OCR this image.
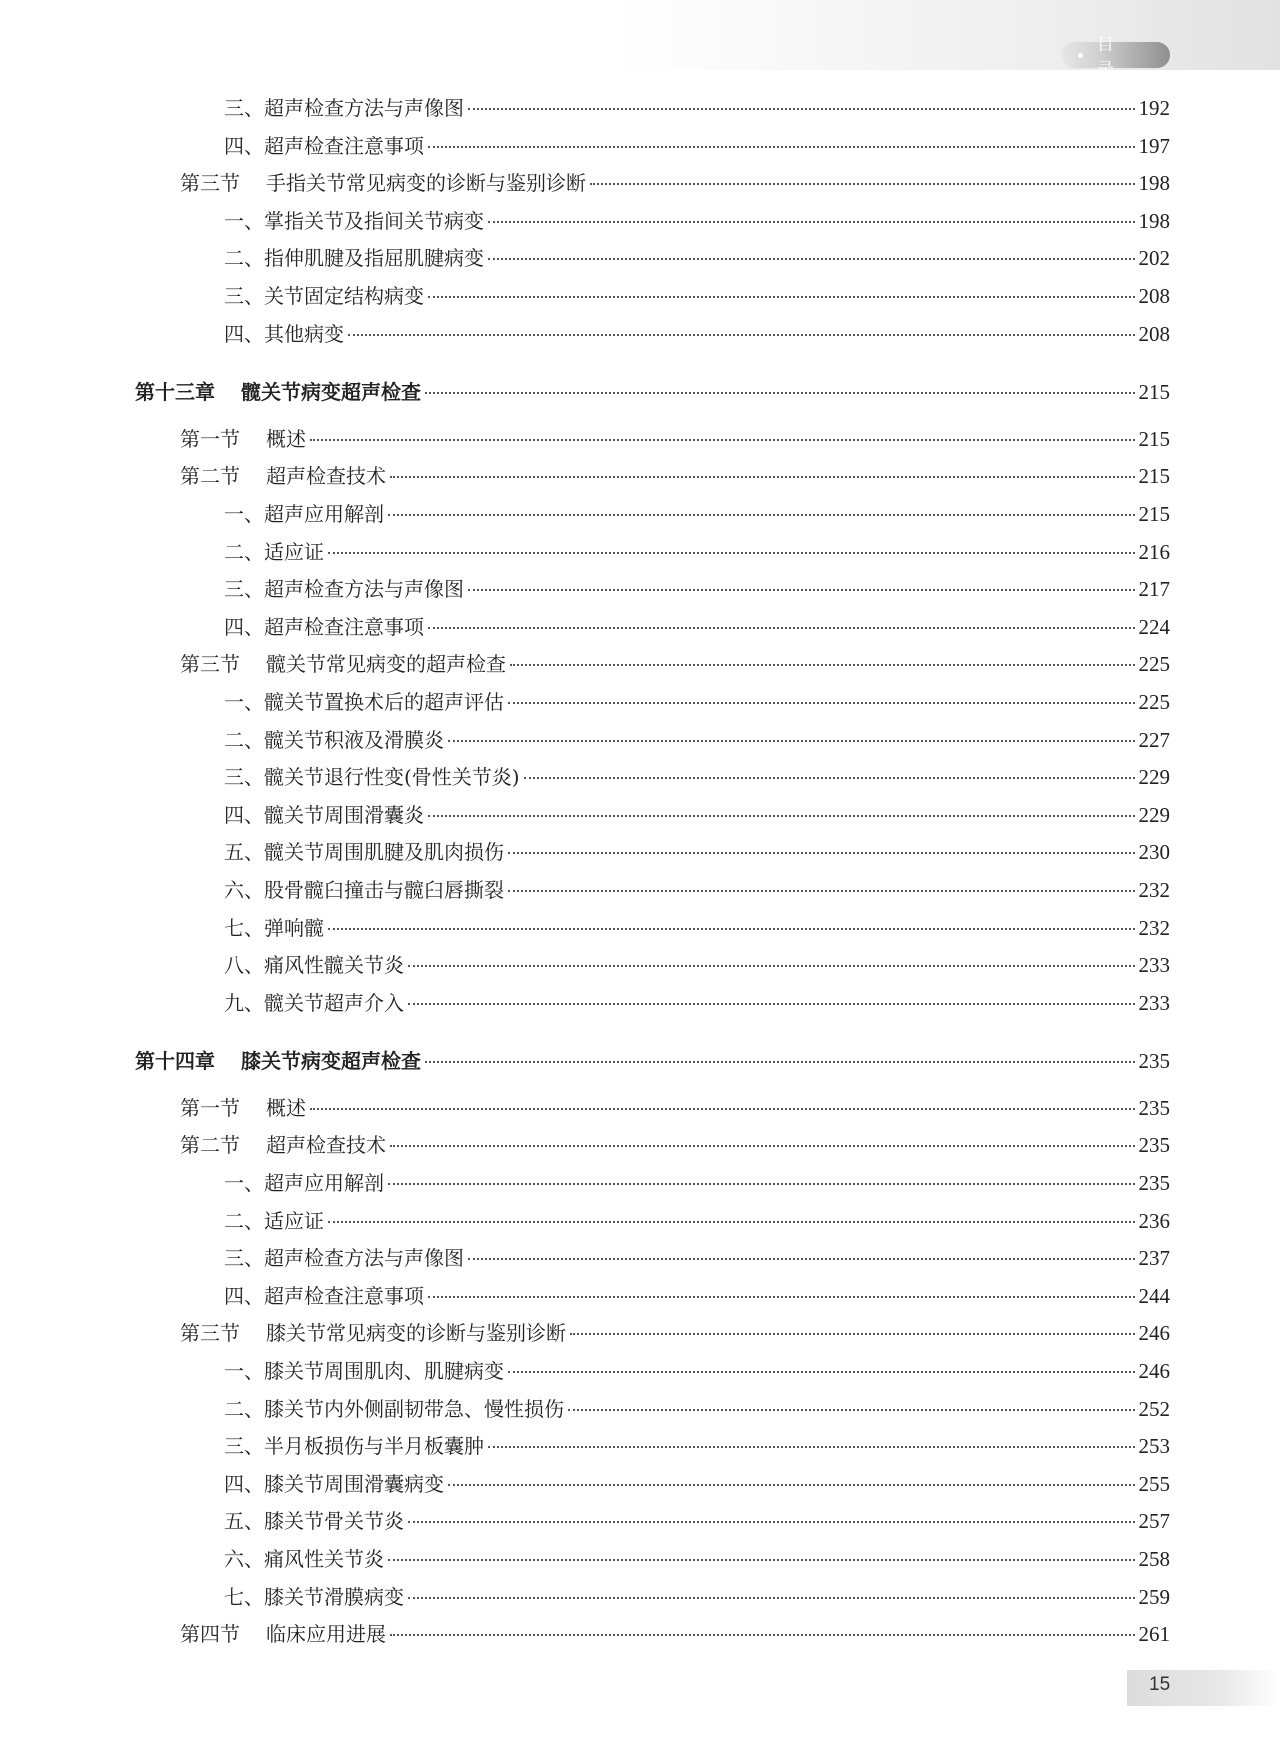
目 录
三、超声检查方法与声像图	192
四、超声检查注意事项	197
第三节 手指关节常见病变的诊断与鉴别诊断	198
一、掌指关节及指间关节病变	198
二、指伸肌腱及指屈肌腱病变	202
三、关节固定结构病变	208
四、其他病变	208
第十三章 髋关节病变超声检查	215
第一节 概述	215
第二节 超声检查技术	215
一、超声应用解剖	215
二、适应证	216
三、超声检查方法与声像图	217
四、超声检查注意事项	224
第三节 髋关节常见病变的超声检查	225
一、髋关节置换术后的超声评估	225
二、髋关节积液及滑膜炎	227
三、髋关节退行性变(骨性关节炎)	229
四、髋关节周围滑囊炎	229
五、髋关节周围肌腱及肌肉损伤	230
六、股骨髋臼撞击与髋臼唇撕裂	232
七、弹响髋	232
八、痛风性髋关节炎	233
九、髋关节超声介入	233
第十四章 膝关节病变超声检查	235
第一节 概述	235
第二节 超声检查技术	235
一、超声应用解剖	235
二、适应证	236
三、超声检查方法与声像图	237
四、超声检查注意事项	244
第三节 膝关节常见病变的诊断与鉴别诊断	246
一、膝关节周围肌肉、肌腱病变	246
二、膝关节内外侧副韧带急、慢性损伤	252
三、半月板损伤与半月板囊肿	253
四、膝关节周围滑囊病变	255
五、膝关节骨关节炎	257
六、痛风性关节炎	258
七、膝关节滑膜病变	259
第四节 临床应用进展	261
15
